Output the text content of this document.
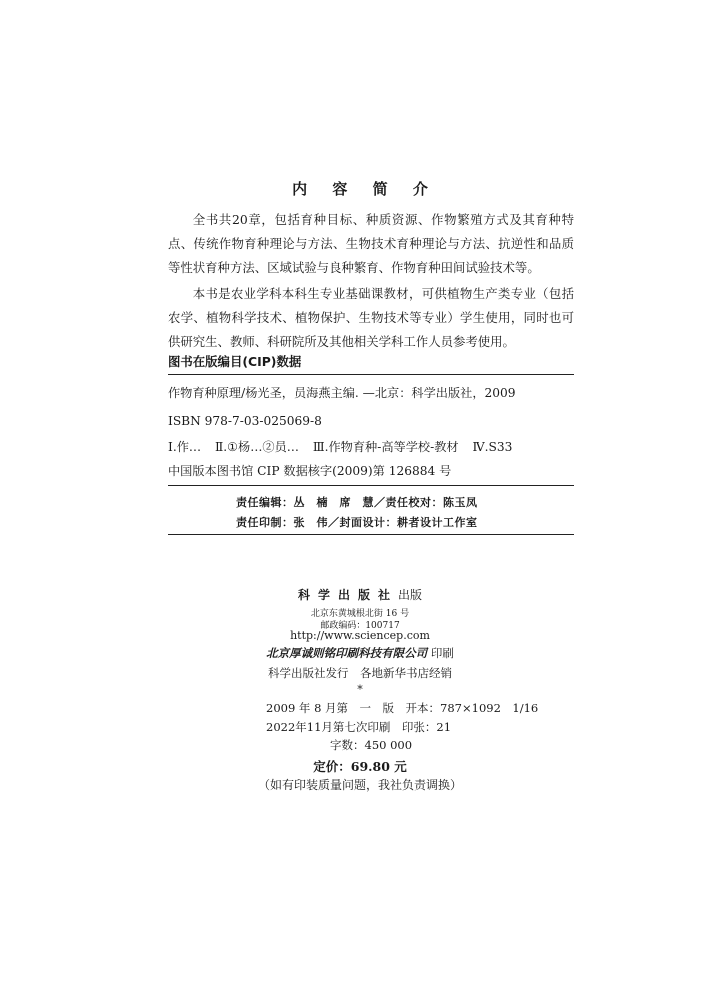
内 容 简 介

全书共20章，包括育种目标、种质资源、作物繁殖方式及其育种特点、传统作物育种理论与方法、生物技术育种理论与方法、抗逆性和品质等性状育种方法、区域试验与良种繁育、作物育种田间试验技术等。

本书是农业学科本科生专业基础课教材，可供植物生产类专业（包括农学、植物科学技术、植物保护、生物技术等专业）学生使用，同时也可供研究生、教师、科研院所及其他相关学科工作人员参考使用。

图书在版编目(CIP)数据
作物育种原理/杨光圣，员海燕主编. —北京：科学出版社，2009
ISBN 978-7-03-025069-8
Ⅰ.作… Ⅱ.①杨…②员… Ⅲ.作物育种-高等学校-教材 Ⅳ.S33
中国版本图书馆 CIP 数据核字(2009)第 126884 号
责任编辑：丛　楠　席　慧／责任校对：陈玉凤
责任印制：张　伟／封面设计：耕者设计工作室
科学出版社出版
北京东黄城根北街 16 号
邮政编码：100717
http://www.sciencep.com
北京厚诚则铭印刷科技有限公司 印刷
科学出版社发行　各地新华书店经销
*
2009 年 8 月第　一　版　开本：787×1092　1/16
2022年11月第七次印刷　印张：21
字数：450 000
定价：69.80 元
（如有印装质量问题，我社负责调换）
